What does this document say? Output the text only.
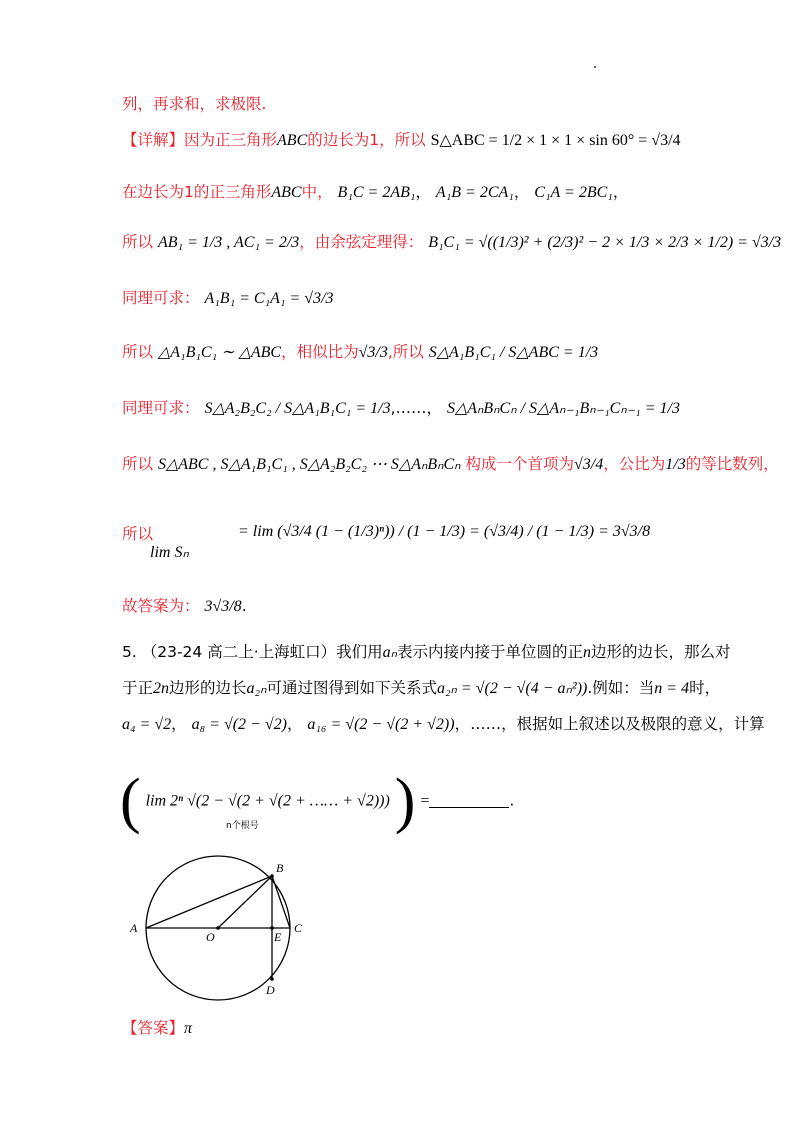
列，再求和，求极限.
【详解】因为正三角形ABC的边长为1，所以 S△ABC = 1/2 × 1 × 1 × sin 60° = √3/4
在边长为1的正三角形ABC中， B₁C = 2AB₁， A₁B = 2CA₁， C₁A = 2BC₁，
所以 AB₁ = 1/3 , AC₁ = 2/3，由余弦定理得： B₁C₁ = √((1/3)² + (2/3)² − 2 × 1/3 × 2/3 × 1/2) = √3/3
同理可求： A₁B₁ = C₁A₁ = √3/3
所以 △A₁B₁C₁ ∼ △ABC，相似比为√3/3,所以 S△A₁B₁C₁ / S△ABC = 1/3
同理可求： S△A₂B₂C₂ / S△A₁B₁C₁ = 1/3,……， S△AₙBₙCₙ / S△Aₙ₋₁Bₙ₋₁Cₙ₋₁ = 1/3
所以 S△ABC , S△A₁B₁C₁ , S△A₂B₂C₂ ⋯ S△AₙBₙCₙ 构成一个首项为√3/4，公比为1/3的等比数列，
所以
lim Sₙ
= lim (√3/4 (1 − (1/3)ⁿ)) / (1 − 1/3) = (√3/4) / (1 − 1/3) = 3√3/8
故答案为： 3√3/8.
5. （23-24 高二上·上海虹口）我们用aₙ表示内接内接于单位圆的正n边形的边长，那么对
于正2n边形的边长a₂ₙ可通过图得到如下关系式a₂ₙ = √(2 − √(4 − aₙ²)).例如：当n = 4时，
a₄ = √2， a₈ = √(2 − √2)， a₁₆ = √(2 − √(2 + √2))，……，根据如上叙述以及极限的意义，计算
( lim 2ⁿ √(2 − √(2 + √(2 + …… + √2))) ) =	.
n个根号
A
O
B
E
C
D
【答案】π
